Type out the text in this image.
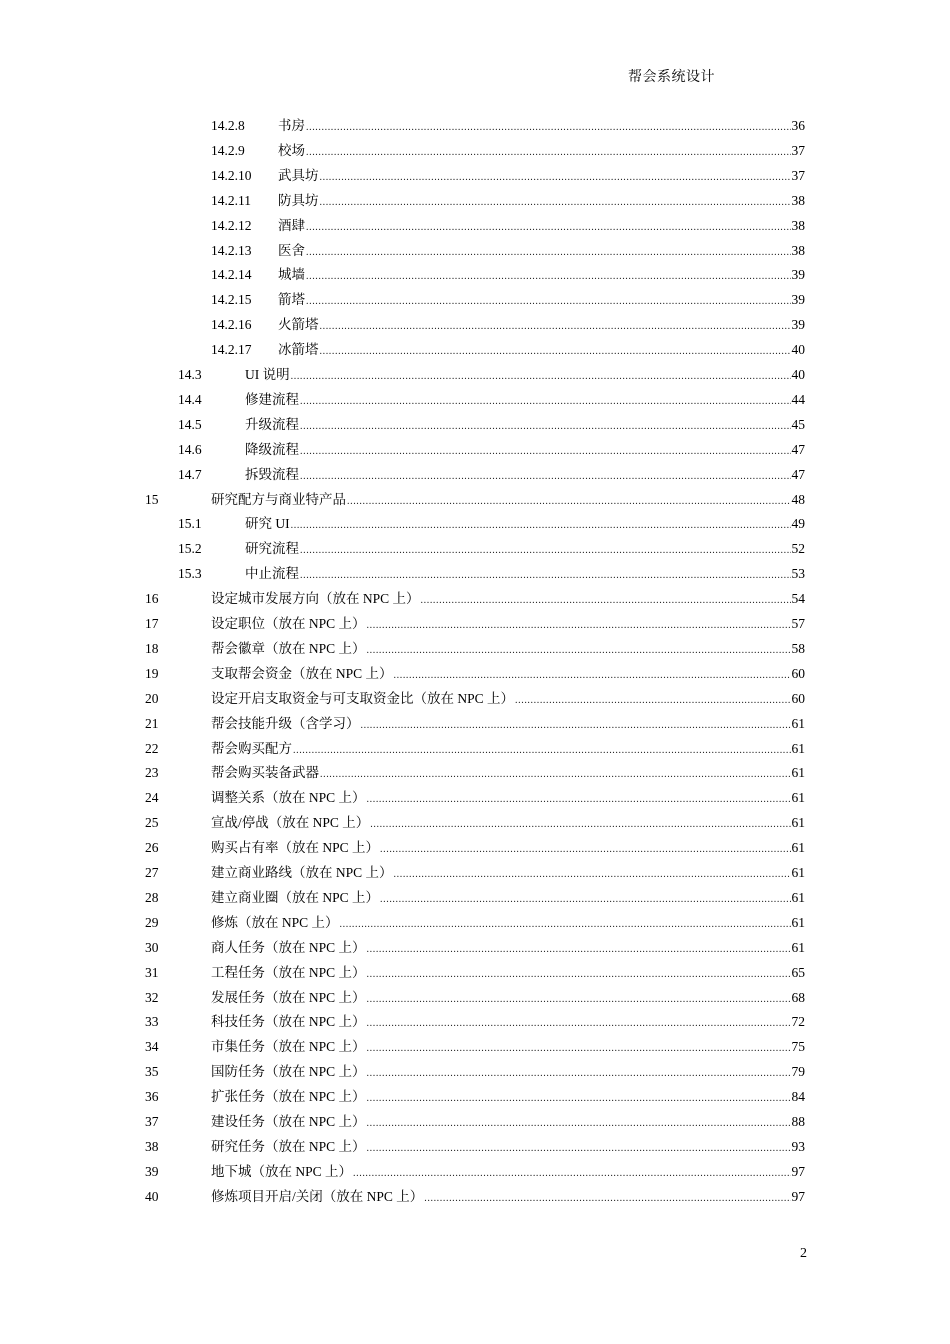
帮会系统设计
14.2.8 书房 .....	36
14.2.9 校场 .....	37
14.2.10 武具坊 .....	37
14.2.11 防具坊 .....	38
14.2.12 酒肆 .....	38
14.2.13 医舍 .....	38
14.2.14 城墙 .....	39
14.2.15 箭塔 .....	39
14.2.16 火箭塔 .....	39
14.2.17 冰箭塔 .....	40
14.3	UI 说明 .....	40
14.4	修建流程 .....	44
14.5	升级流程 .....	45
14.6	降级流程 .....	47
14.7	拆毁流程 .....	47
15	研究配方与商业特产品 .....	48
15.1	研究 UI .....	49
15.2	研究流程 .....	52
15.3	中止流程 .....	53
16	设定城市发展方向（放在 NPC 上） .....	54
17	设定职位（放在 NPC 上） .....	57
18	帮会徽章（放在 NPC 上） .....	58
19	支取帮会资金（放在 NPC 上） .....	60
20	设定开启支取资金与可支取资金比（放在 NPC 上） .....	60
21	帮会技能升级（含学习） .....	61
22	帮会购买配方 .....	61
23	帮会购买装备武器 .....	61
24	调整关系（放在 NPC 上） .....	61
25	宣战/停战（放在 NPC 上） .....	61
26	购买占有率（放在 NPC 上） .....	61
27	建立商业路线（放在 NPC 上） .....	61
28	建立商业圈（放在 NPC 上） .....	61
29	修炼（放在 NPC 上） .....	61
30	商人任务（放在 NPC 上） .....	61
31	工程任务（放在 NPC 上） .....	65
32	发展任务（放在 NPC 上） .....	68
33	科技任务（放在 NPC 上） .....	72
34	市集任务（放在 NPC 上） .....	75
35	国防任务（放在 NPC 上） .....	79
36	扩张任务（放在 NPC 上） .....	84
37	建设任务（放在 NPC 上） .....	88
38	研究任务（放在 NPC 上） .....	93
39	地下城（放在 NPC 上） .....	97
40	修炼项目开启/关闭（放在 NPC 上） .....	97
2
